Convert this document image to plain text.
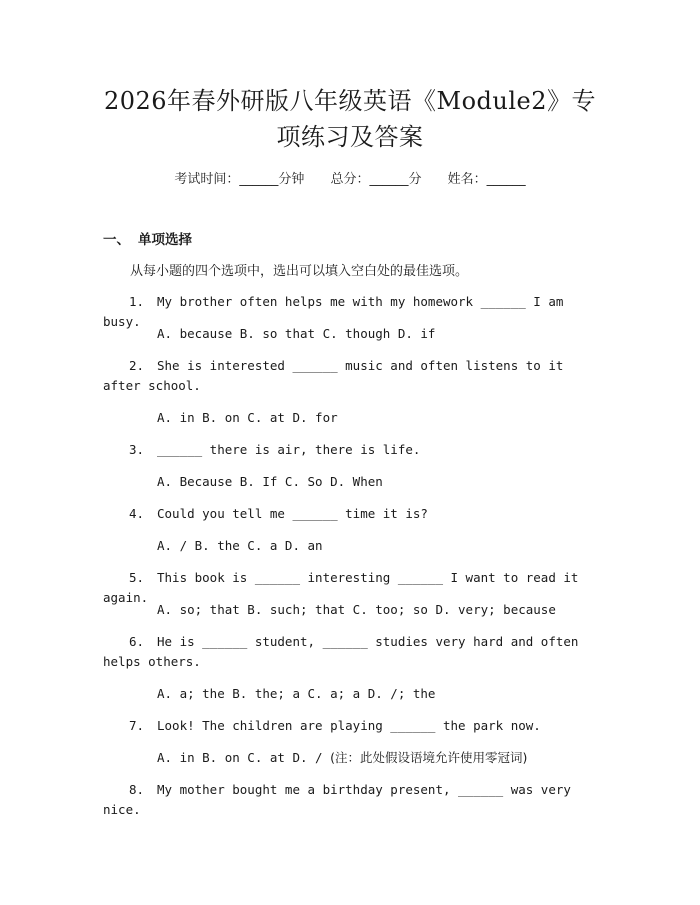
2026年春外研版八年级英语《Module2》专
项练习及答案
考试时间：______分钟 总分：______分 姓名：______
一、 单项选择
从每小题的四个选项中，选出可以填入空白处的最佳选项。
1. My brother often helps me with my homework ______ I am busy.
A. because B. so that C. though D. if
2. She is interested ______ music and often listens to it after school.
A. in B. on C. at D. for
3. ______ there is air, there is life.
A. Because B. If C. So D. When
4. Could you tell me ______ time it is?
A. / B. the C. a D. an
5. This book is ______ interesting ______ I want to read it again.
A. so; that B. such; that C. too; so D. very; because
6. He is ______ student, ______ studies very hard and often helps others.
A. a; the B. the; a C. a; a D. /; the
7. Look! The children are playing ______ the park now.
A. in B. on C. at D. / (注：此处假设语境允许使用零冠词)
8. My mother bought me a birthday present, ______ was very nice.
